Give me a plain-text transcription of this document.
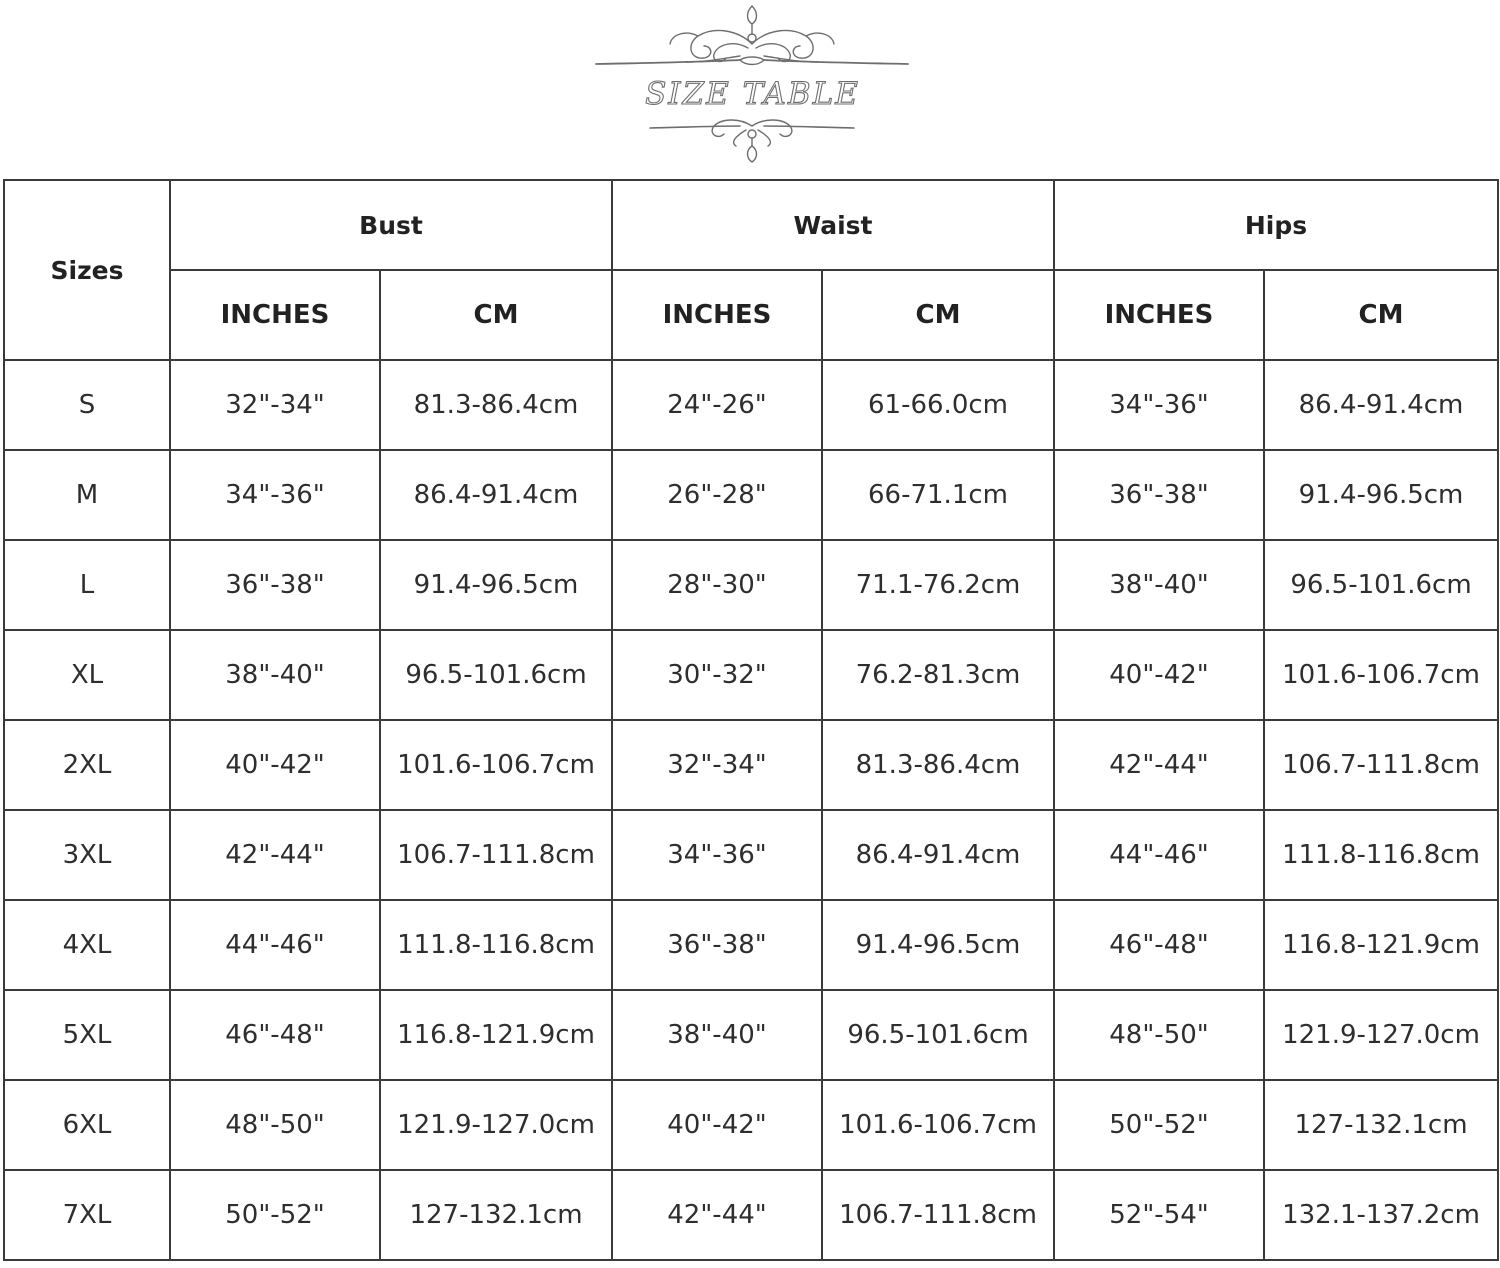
SIZE TABLE
Sizes	Bust		Waist		Hips	
	INCHES	CM	INCHES	CM	INCHES	CM
S	32"-34"	81.3-86.4cm	24"-26"	61-66.0cm	34"-36"	86.4-91.4cm
M	34"-36"	86.4-91.4cm	26"-28"	66-71.1cm	36"-38"	91.4-96.5cm
L	36"-38"	91.4-96.5cm	28"-30"	71.1-76.2cm	38"-40"	96.5-101.6cm
XL	38"-40"	96.5-101.6cm	30"-32"	76.2-81.3cm	40"-42"	101.6-106.7cm
2XL	40"-42"	101.6-106.7cm	32"-34"	81.3-86.4cm	42"-44"	106.7-111.8cm
3XL	42"-44"	106.7-111.8cm	34"-36"	86.4-91.4cm	44"-46"	111.8-116.8cm
4XL	44"-46"	111.8-116.8cm	36"-38"	91.4-96.5cm	46"-48"	116.8-121.9cm
5XL	46"-48"	116.8-121.9cm	38"-40"	96.5-101.6cm	48"-50"	121.9-127.0cm
6XL	48"-50"	121.9-127.0cm	40"-42"	101.6-106.7cm	50"-52"	127-132.1cm
7XL	50"-52"	127-132.1cm	42"-44"	106.7-111.8cm	52"-54"	132.1-137.2cm
